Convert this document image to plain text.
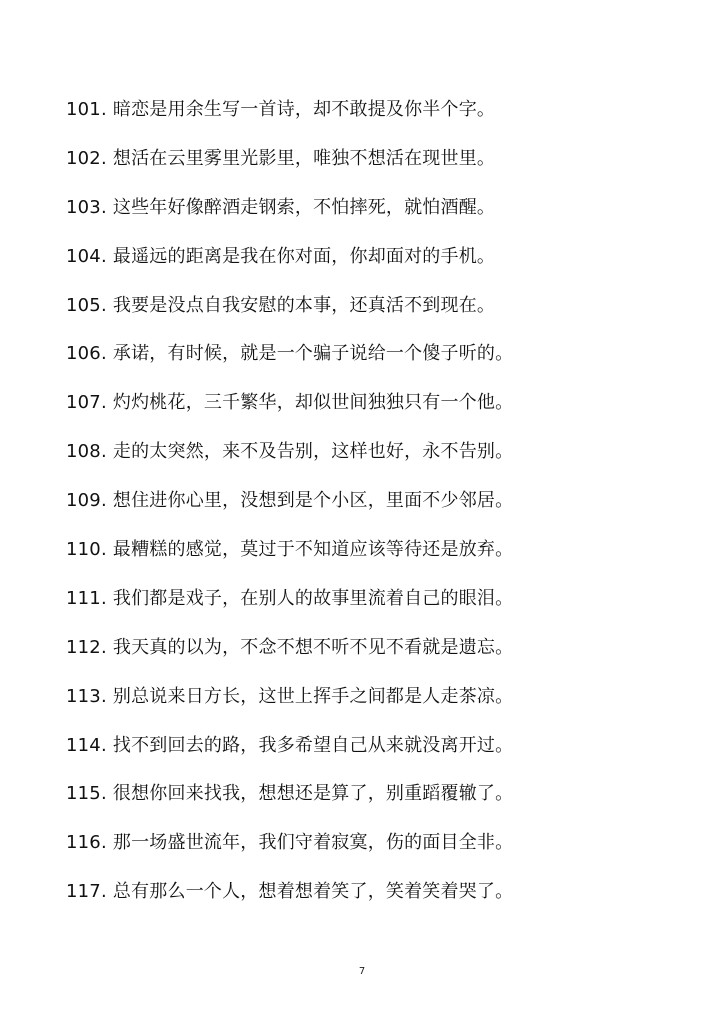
101. 暗恋是用余生写一首诗，却不敢提及你半个字。
102. 想活在云里雾里光影里，唯独不想活在现世里。
103. 这些年好像醉酒走钢索，不怕摔死，就怕酒醒。
104. 最遥远的距离是我在你对面，你却面对的手机。
105. 我要是没点自我安慰的本事，还真活不到现在。
106. 承诺，有时候，就是一个骗子说给一个傻子听的。
107. 灼灼桃花，三千繁华，却似世间独独只有一个他。
108. 走的太突然，来不及告别，这样也好，永不告别。
109. 想住进你心里，没想到是个小区，里面不少邻居。
110. 最糟糕的感觉，莫过于不知道应该等待还是放弃。
111. 我们都是戏子，在别人的故事里流着自己的眼泪。
112. 我天真的以为，不念不想不听不见不看就是遗忘。
113. 别总说来日方长，这世上挥手之间都是人走茶凉。
114. 找不到回去的路，我多希望自己从来就没离开过。
115. 很想你回来找我，想想还是算了，别重蹈覆辙了。
116. 那一场盛世流年，我们守着寂寞，伤的面目全非。
117. 总有那么一个人，想着想着笑了，笑着笑着哭了。
7
